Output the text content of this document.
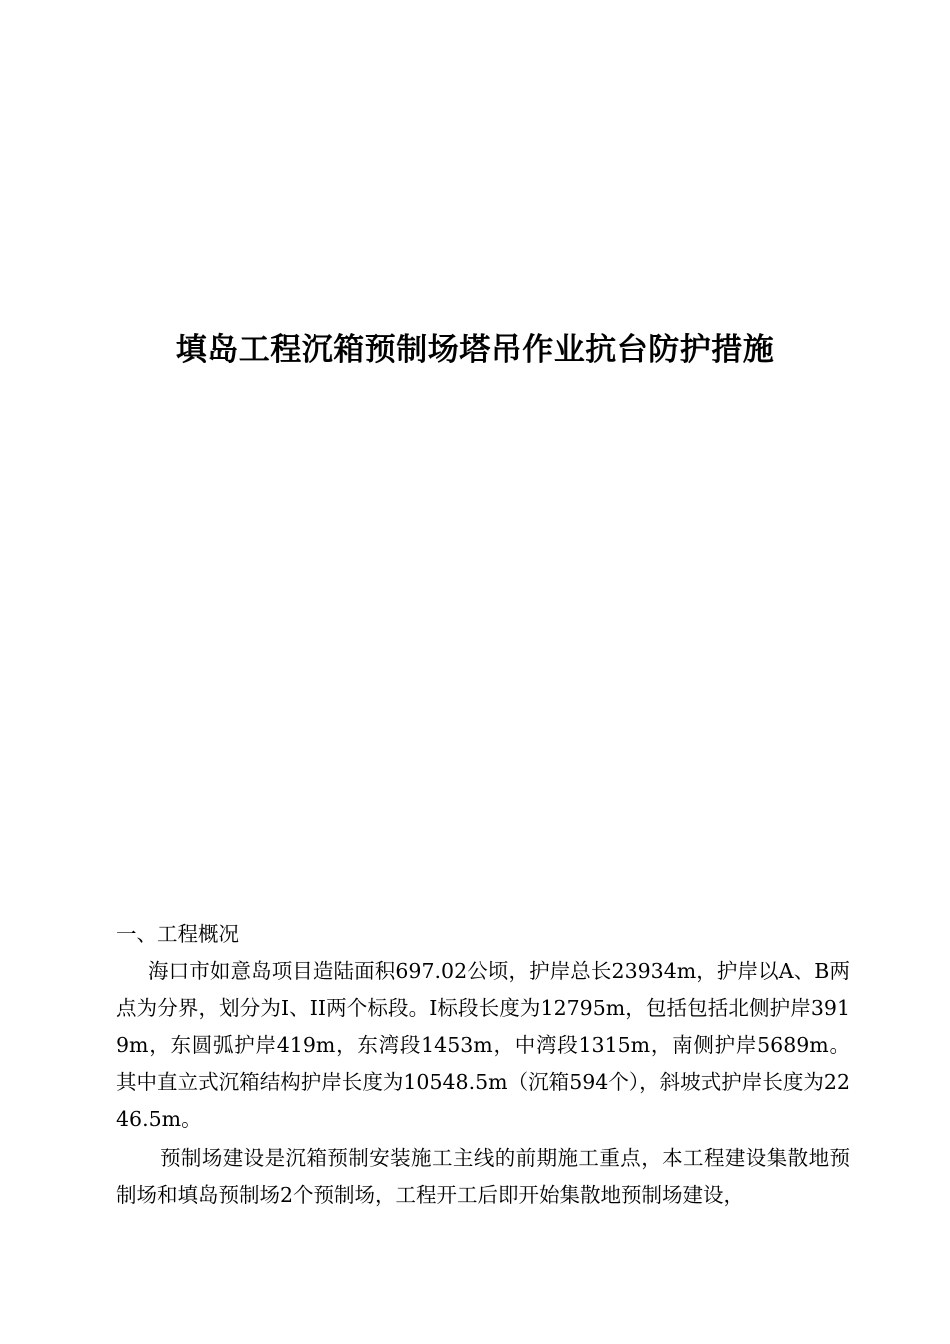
填岛工程沉箱预制场塔吊作业抗台防护措施
一、工程概况

海口市如意岛项目造陆面积697.02公顷，护岸总长23934m，护岸以A、B两点为分界，划分为I、II两个标段。I标段长度为12795m，包括包括北侧护岸3919m，东圆弧护岸419m，东湾段1453m，中湾段1315m，南侧护岸5689m。其中直立式沉箱结构护岸长度为10548.5m（沉箱594个），斜坡式护岸长度为2246.5m。

预制场建设是沉箱预制安装施工主线的前期施工重点，本工程建设集散地预制场和填岛预制场2个预制场，工程开工后即开始集散地预制场建设，
